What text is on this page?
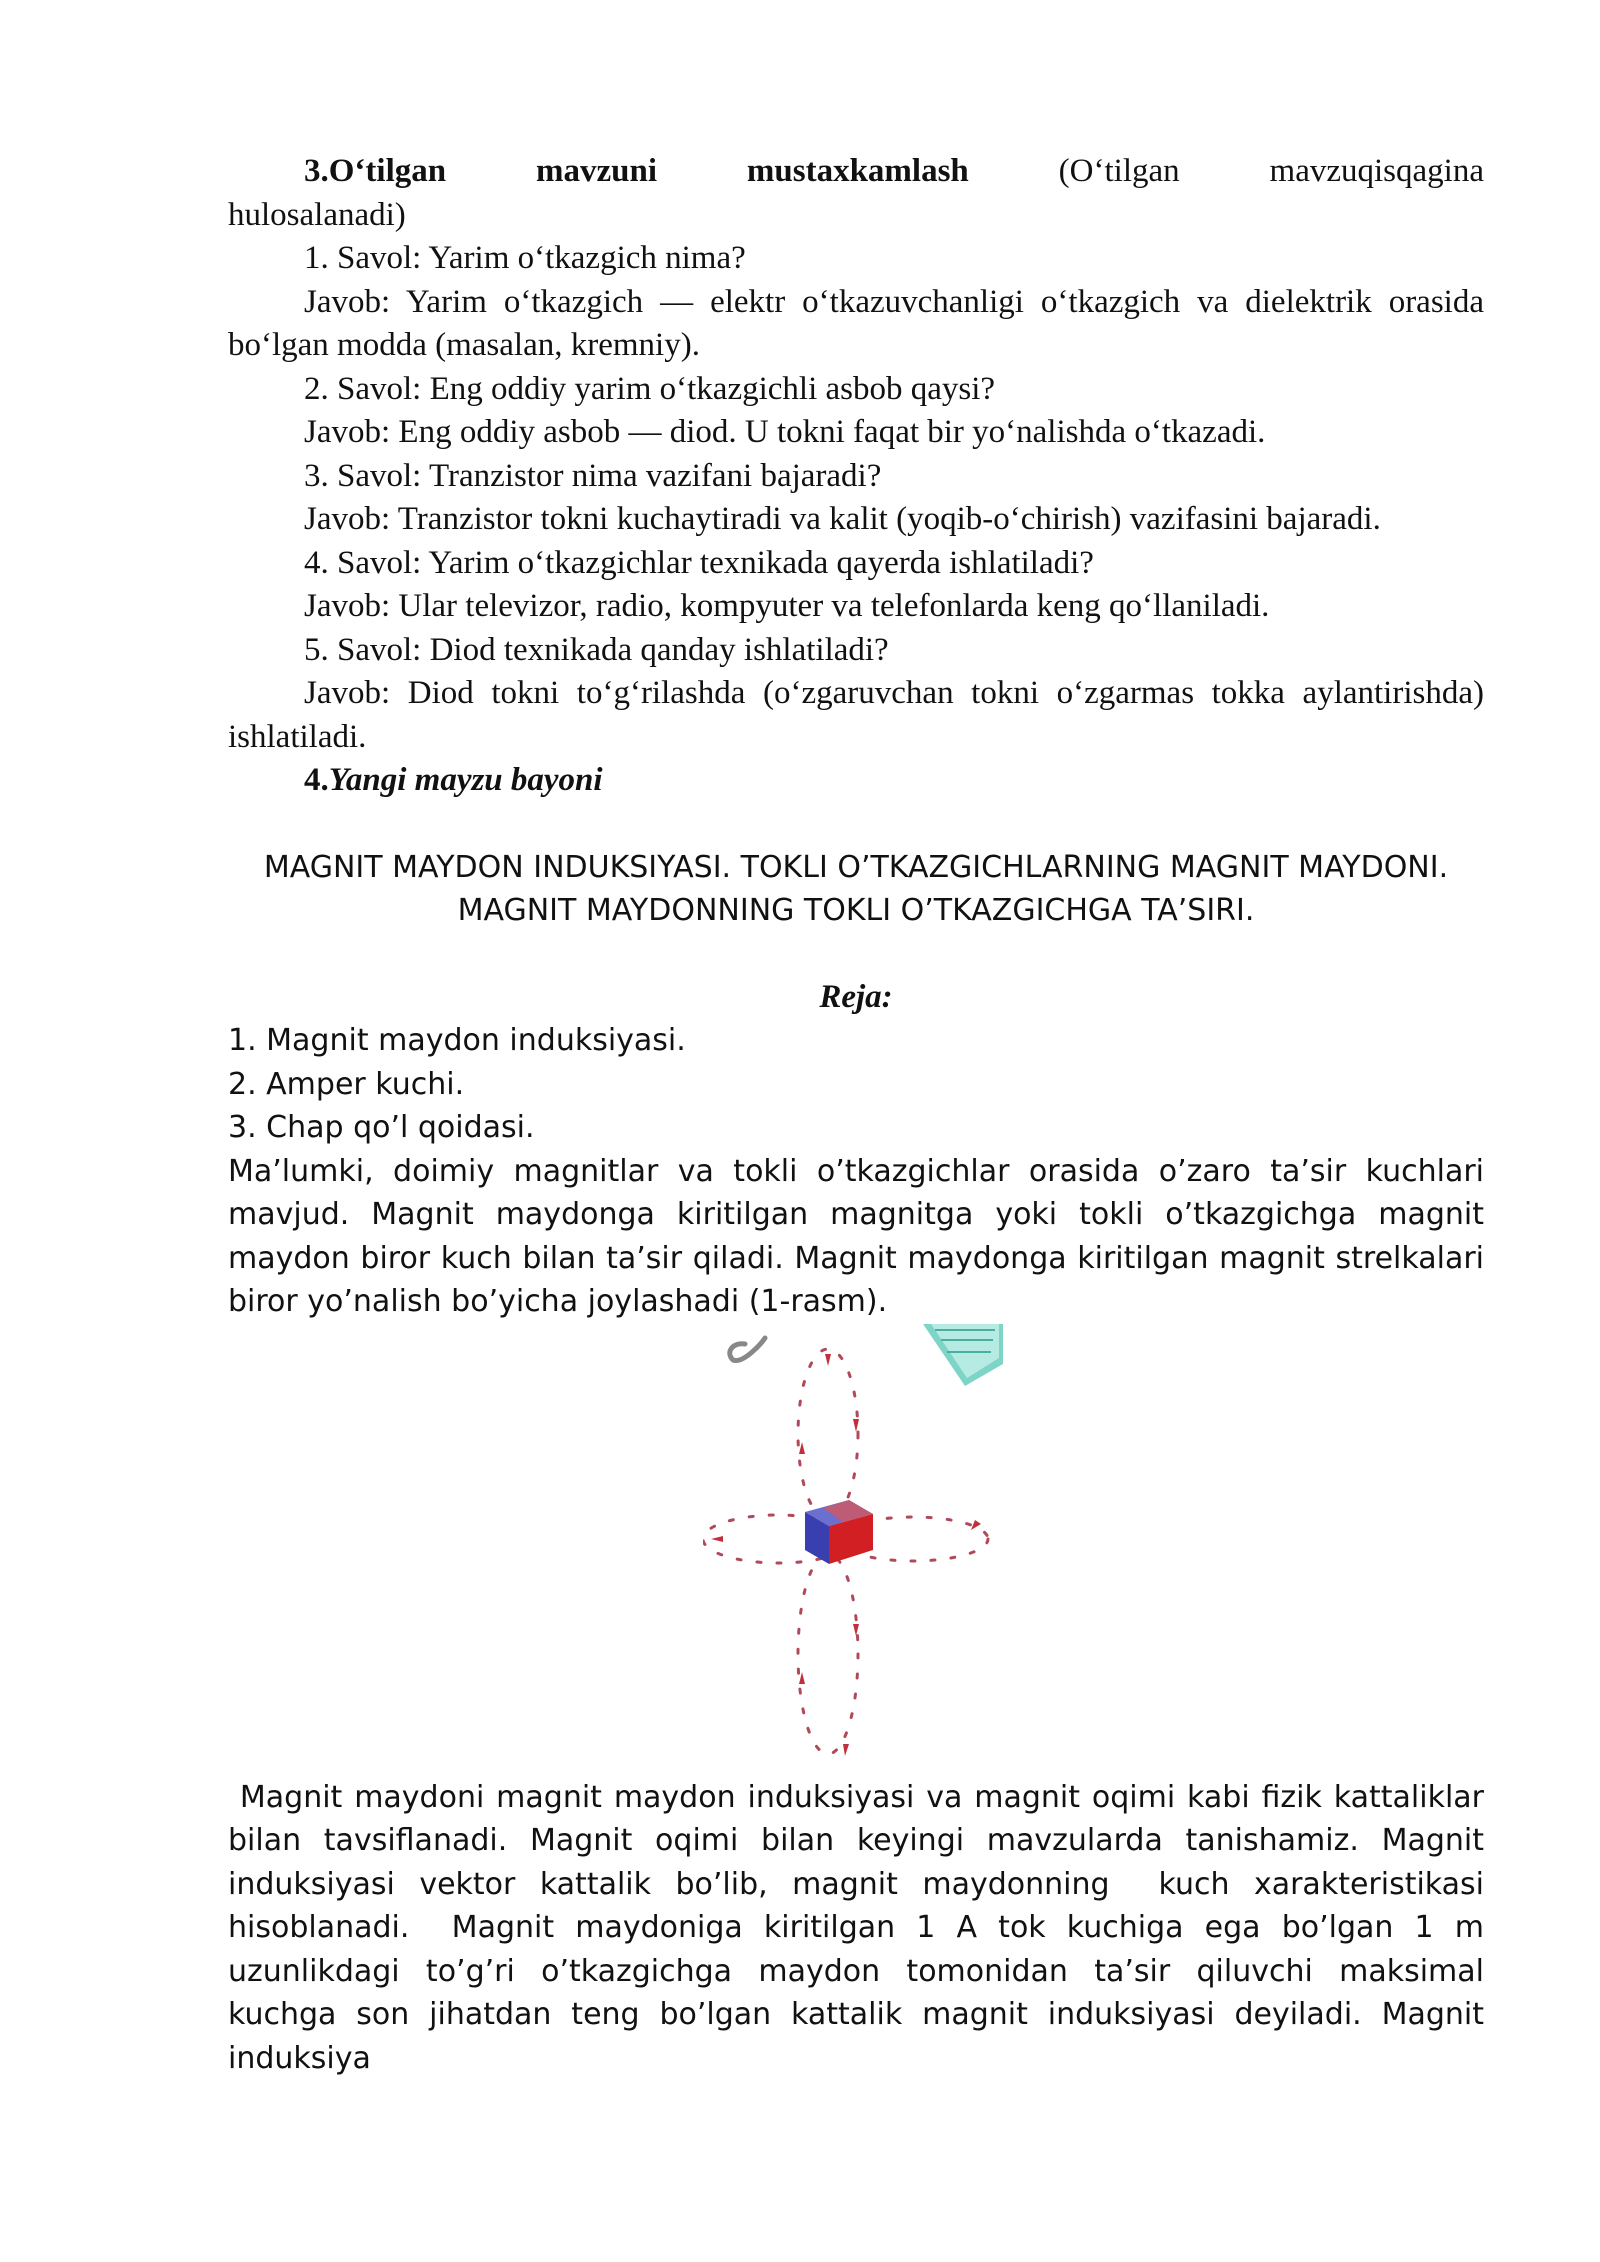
3.O‘tilgan	mavzuni	mustaxkamlash	(O‘tilgan	mavzuqisqagina

hulosalanadi)

1. Savol: Yarim o‘tkazgich nima?

Javob: Yarim o‘tkazgich — elektr o‘tkazuvchanligi o‘tkazgich va dielektrik orasida bo‘lgan modda (masalan, kremniy).

2. Savol: Eng oddiy yarim o‘tkazgichli asbob qaysi?

Javob: Eng oddiy asbob — diod. U tokni faqat bir yo‘nalishda o‘tkazadi.

3. Savol: Tranzistor nima vazifani bajaradi?

Javob: Tranzistor tokni kuchaytiradi va kalit (yoqib-o‘chirish) vazifasini bajaradi.

4. Savol: Yarim o‘tkazgichlar texnikada qayerda ishlatiladi?

Javob: Ular televizor, radio, kompyuter va telefonlarda keng qo‘llaniladi.

5. Savol: Diod texnikada qanday ishlatiladi?

Javob: Diod tokni to‘g‘rilashda (o‘zgaruvchan tokni o‘zgarmas tokka aylantirishda) ishlatiladi.

4.Yangi mayzu bayoni

MAGNIT MAYDON INDUKSIYASI. TOKLI O’TKAZGICHLARNING MAGNIT MAYDONI.

MAGNIT MAYDONNING TOKLI O’TKAZGICHGA TA’SIRI.

Reja:

1. Magnit maydon induksiyasi.

2. Amper kuchi.

3. Chap qo’l qoidasi.

Ma’lumki, doimiy magnitlar va tokli o’tkazgichlar orasida o’zaro ta’sir kuchlari mavjud. Magnit maydonga kiritilgan magnitga yoki tokli o’tkazgichga magnit maydon biror kuch bilan ta’sir qiladi. Magnit maydonga kiritilgan magnit strelkalari biror yo’nalish bo’yicha joylashadi (1-rasm).

Magnit maydoni magnit maydon induksiyasi va magnit oqimi kabi fizik kattaliklar bilan tavsiflanadi. Magnit oqimi bilan keyingi mavzularda tanishamiz. Magnit induksiyasi vektor kattalik bo’lib, magnit maydonning  kuch xarakteristikasi hisoblanadi.  Magnit maydoniga kiritilgan 1 A tok kuchiga ega bo’lgan 1 m uzunlikdagi to’g’ri o’tkazgichga maydon tomonidan ta’sir qiluvchi maksimal kuchga son jihatdan teng bo’lgan kattalik magnit induksiyasi deyiladi. Magnit induksiya
